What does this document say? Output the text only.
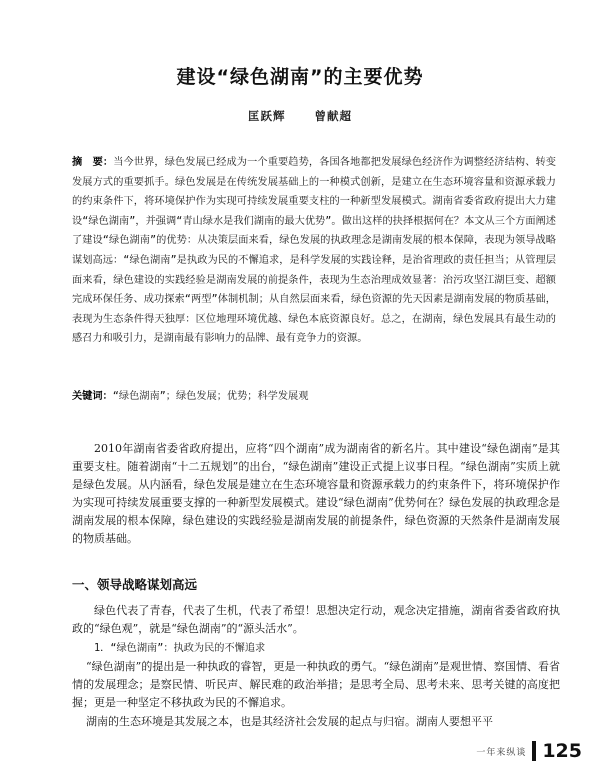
建设“绿色湖南”的主要优势
匡跃辉	曾献超
摘　要：当今世界，绿色发展已经成为一个重要趋势，各国各地都把发展绿色经济作为调整经济结构、转变发展方式的重要抓手。绿色发展是在传统发展基础上的一种模式创新，是建立在生态环境容量和资源承载力的约束条件下，将环境保护作为实现可持续发展重要支柱的一种新型发展模式。湖南省委省政府提出大力建设“绿色湖南”，并强调“青山绿水是我们湖南的最大优势”。做出这样的抉择根据何在？本文从三个方面阐述了建设“绿色湖南”的优势：从决策层面来看，绿色发展的执政理念是湖南发展的根本保障，表现为领导战略谋划高远：“绿色湖南”是执政为民的不懈追求，是科学发展的实践诠释，是治省理政的责任担当；从管理层面来看，绿色建设的实践经验是湖南发展的前提条件，表现为生态治理成效显著：治污攻坚江湖巨变、超额完成环保任务、成功探索“两型”体制机制；从自然层面来看，绿色资源的先天因素是湖南发展的物质基础，表现为生态条件得天独厚：区位地理环境优越、绿色本底资源良好。总之，在湖南，绿色发展具有最生动的感召力和吸引力，是湖南最有影响力的品牌、最有竞争力的资源。
关键词：“绿色湖南”；绿色发展；优势；科学发展观
2010年湖南省委省政府提出，应将“四个湖南”成为湖南省的新名片。其中建设“绿色湖南”是其重要支柱。随着湖南“十二五规划”的出台，“绿色湖南”建设正式提上议事日程。“绿色湖南”实质上就是绿色发展。从内涵看，绿色发展是建立在生态环境容量和资源承载力的约束条件下，将环境保护作为实现可持续发展重要支撑的一种新型发展模式。建设“绿色湖南”优势何在？绿色发展的执政理念是湖南发展的根本保障，绿色建设的实践经验是湖南发展的前提条件，绿色资源的天然条件是湖南发展的物质基础。
一、领导战略谋划高远
绿色代表了青春，代表了生机，代表了希望！思想决定行动，观念决定措施，湖南省委省政府执政的“绿色观”，就是“绿色湖南”的“源头活水”。
1．“绿色湖南”：执政为民的不懈追求
“绿色湖南”的提出是一种执政的睿智，更是一种执政的勇气。“绿色湖南”是观世情、察国情、看省情的发展理念；是察民情、听民声、解民难的政治举措；是思考全局、思考未来、思考关键的高度把握；更是一种坚定不移执政为民的不懈追求。
湖南的生态环境是其发展之本，也是其经济社会发展的起点与归宿。湖南人要想平平
一年来纵谈 125
